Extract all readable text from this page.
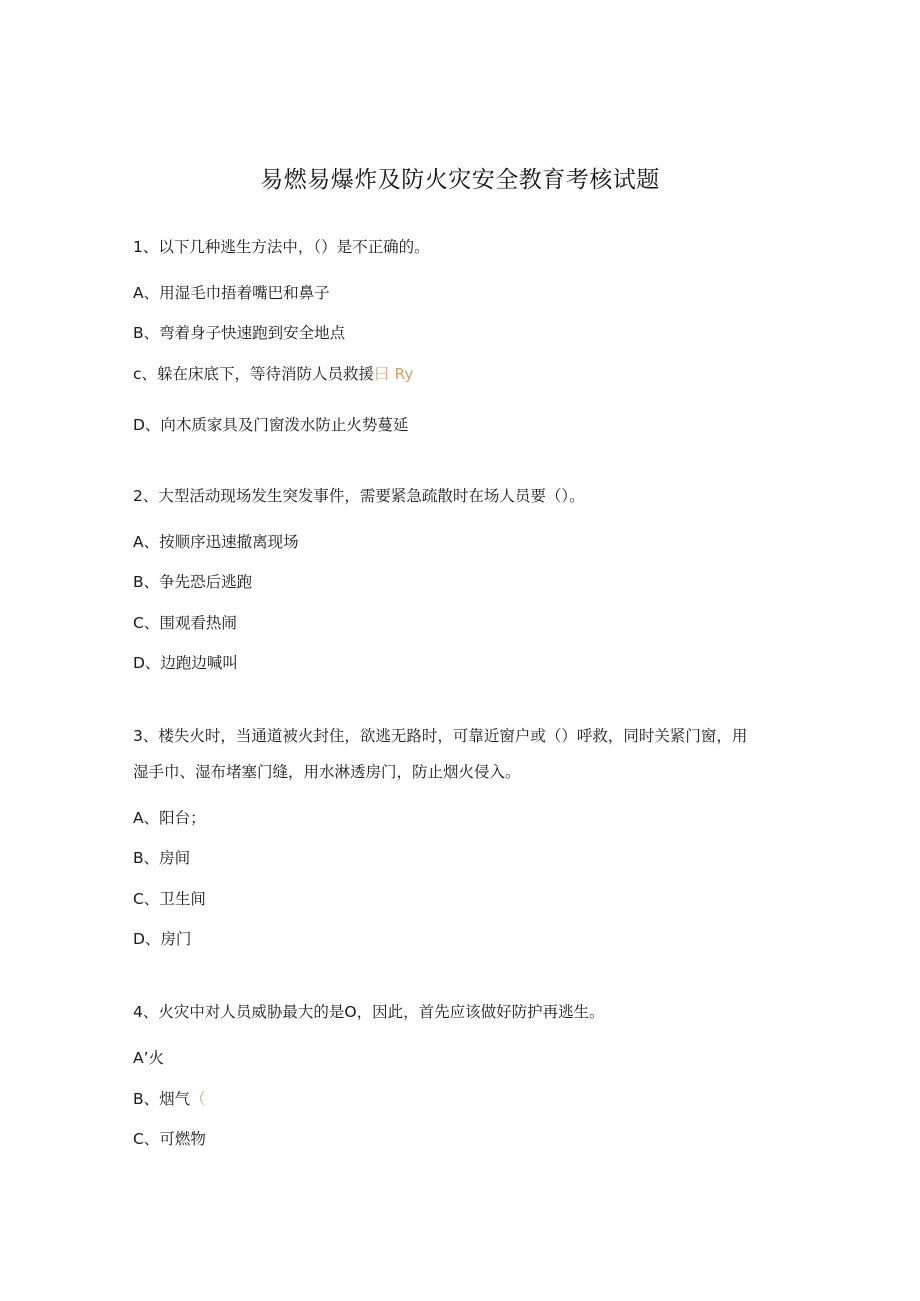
易燃易爆炸及防火灾安全教育考核试题
1、以下几种逃生方法中，（）是不正确的。
A、用湿毛巾捂着嘴巴和鼻子
B、弯着身子快速跑到安全地点
c、躲在床底下，等待消防人员救援曰 Ry
D、向木质家具及门窗泼水防止火势蔓延
2、大型活动现场发生突发事件，需要紧急疏散时在场人员要（）。
A、按顺序迅速撤离现场
B、争先恐后逃跑
C、围观看热闹
D、边跑边喊叫
3、楼失火时，当通道被火封住，欲逃无路时，可靠近窗户或（）呼救，同时关紧门窗，用湿手巾、湿布堵塞门缝，用水淋透房门，防止烟火侵入。
A、阳台；
B、房间
C、卫生间
D、房门
4、火灾中对人员威胁最大的是O，因此，首先应该做好防护再逃生。
A’火
B、烟气（
C、可燃物
